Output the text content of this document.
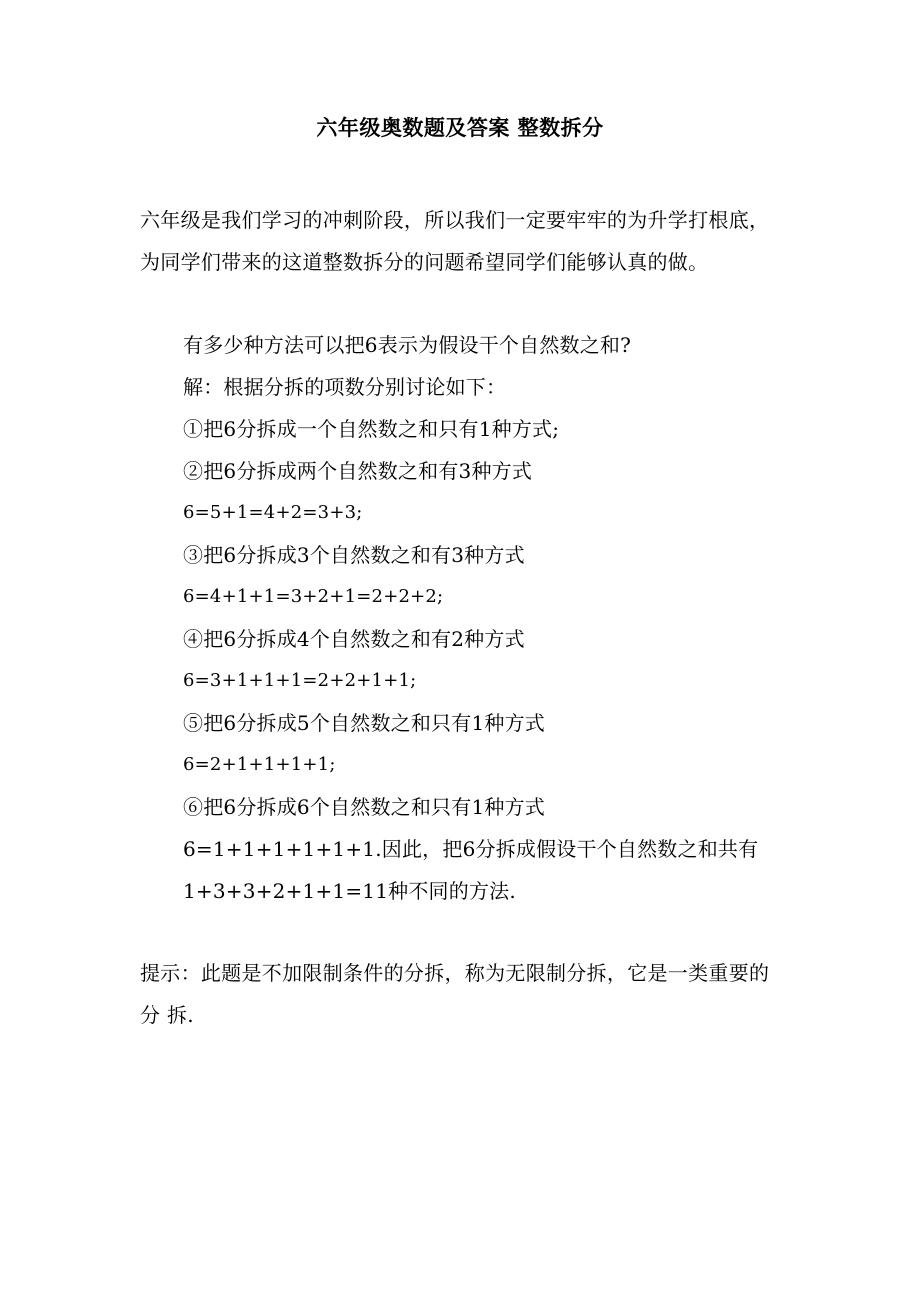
六年级奥数题及答案 整数拆分

六年级是我们学习的冲刺阶段，所以我们一定要牢牢的为升学打根底，为同学们带来的这道整数拆分的问题希望同学们能够认真的做。

有多少种方法可以把6表示为假设干个自然数之和?
解：根据分拆的项数分别讨论如下：
①把6分拆成一个自然数之和只有1种方式;
②把6分拆成两个自然数之和有3种方式
6=5+1=4+2=3+3;
③把6分拆成3个自然数之和有3种方式
6=4+1+1=3+2+1=2+2+2;
④把6分拆成4个自然数之和有2种方式
6=3+1+1+1=2+2+1+1;
⑤把6分拆成5个自然数之和只有1种方式
6=2+1+1+1+1;
⑥把6分拆成6个自然数之和只有1种方式
6=1+1+1+1+1+1.因此，把6分拆成假设干个自然数之和共有
1+3+3+2+1+1=11种不同的方法.

提示：此题是不加限制条件的分拆，称为无限制分拆，它是一类重要的分 拆.
